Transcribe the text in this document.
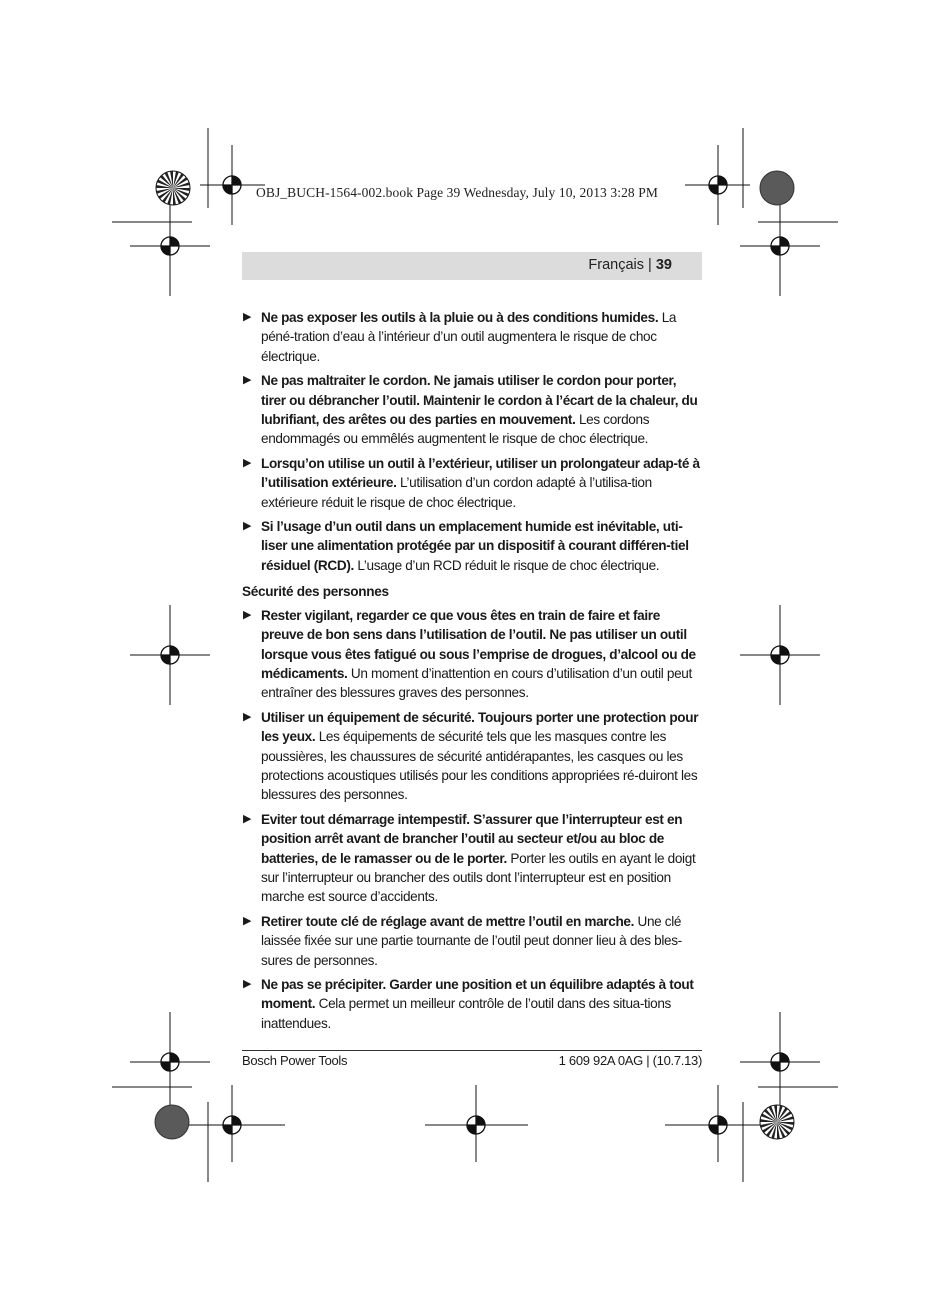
OBJ_BUCH-1564-002.book Page 39 Wednesday, July 10, 2013 3:28 PM
Français | 39
▶ Ne pas exposer les outils à la pluie ou à des conditions humides. La péné-tration d’eau à l’intérieur d’un outil augmentera le risque de choc électrique.
▶ Ne pas maltraiter le cordon. Ne jamais utiliser le cordon pour porter, tirer ou débrancher l’outil. Maintenir le cordon à l’écart de la chaleur, du lubrifiant, des arêtes ou des parties en mouvement. Les cordons endommagés ou emmêlés augmentent le risque de choc électrique.
▶ Lorsqu’on utilise un outil à l’extérieur, utiliser un prolongateur adap-té à l’utilisation extérieure. L’utilisation d’un cordon adapté à l’utilisa-tion extérieure réduit le risque de choc électrique.
▶ Si l’usage d’un outil dans un emplacement humide est inévitable, uti-liser une alimentation protégée par un dispositif à courant différen-tiel résiduel (RCD). L’usage d’un RCD réduit le risque de choc électrique.
Sécurité des personnes
▶ Rester vigilant, regarder ce que vous êtes en train de faire et faire preuve de bon sens dans l’utilisation de l’outil. Ne pas utiliser un outil lorsque vous êtes fatigué ou sous l’emprise de drogues, d’alcool ou de médicaments. Un moment d’inattention en cours d’utilisation d’un outil peut entraîner des blessures graves des personnes.
▶ Utiliser un équipement de sécurité. Toujours porter une protection pour les yeux. Les équipements de sécurité tels que les masques contre les poussières, les chaussures de sécurité antidérapantes, les casques ou les protections acoustiques utilisés pour les conditions appropriées ré-duiront les blessures des personnes.
▶ Eviter tout démarrage intempestif. S’assurer que l’interrupteur est en position arrêt avant de brancher l’outil au secteur et/ou au bloc de batteries, de le ramasser ou de le porter. Porter les outils en ayant le doigt sur l’interrupteur ou brancher des outils dont l’interrupteur est en position marche est source d’accidents.
▶ Retirer toute clé de réglage avant de mettre l’outil en marche. Une clé laissée fixée sur une partie tournante de l’outil peut donner lieu à des bles-sures de personnes.
▶ Ne pas se précipiter. Garder une position et un équilibre adaptés à tout moment. Cela permet un meilleur contrôle de l’outil dans des situa-tions inattendues.
Bosch Power Tools	1 609 92A 0AG | (10.7.13)
